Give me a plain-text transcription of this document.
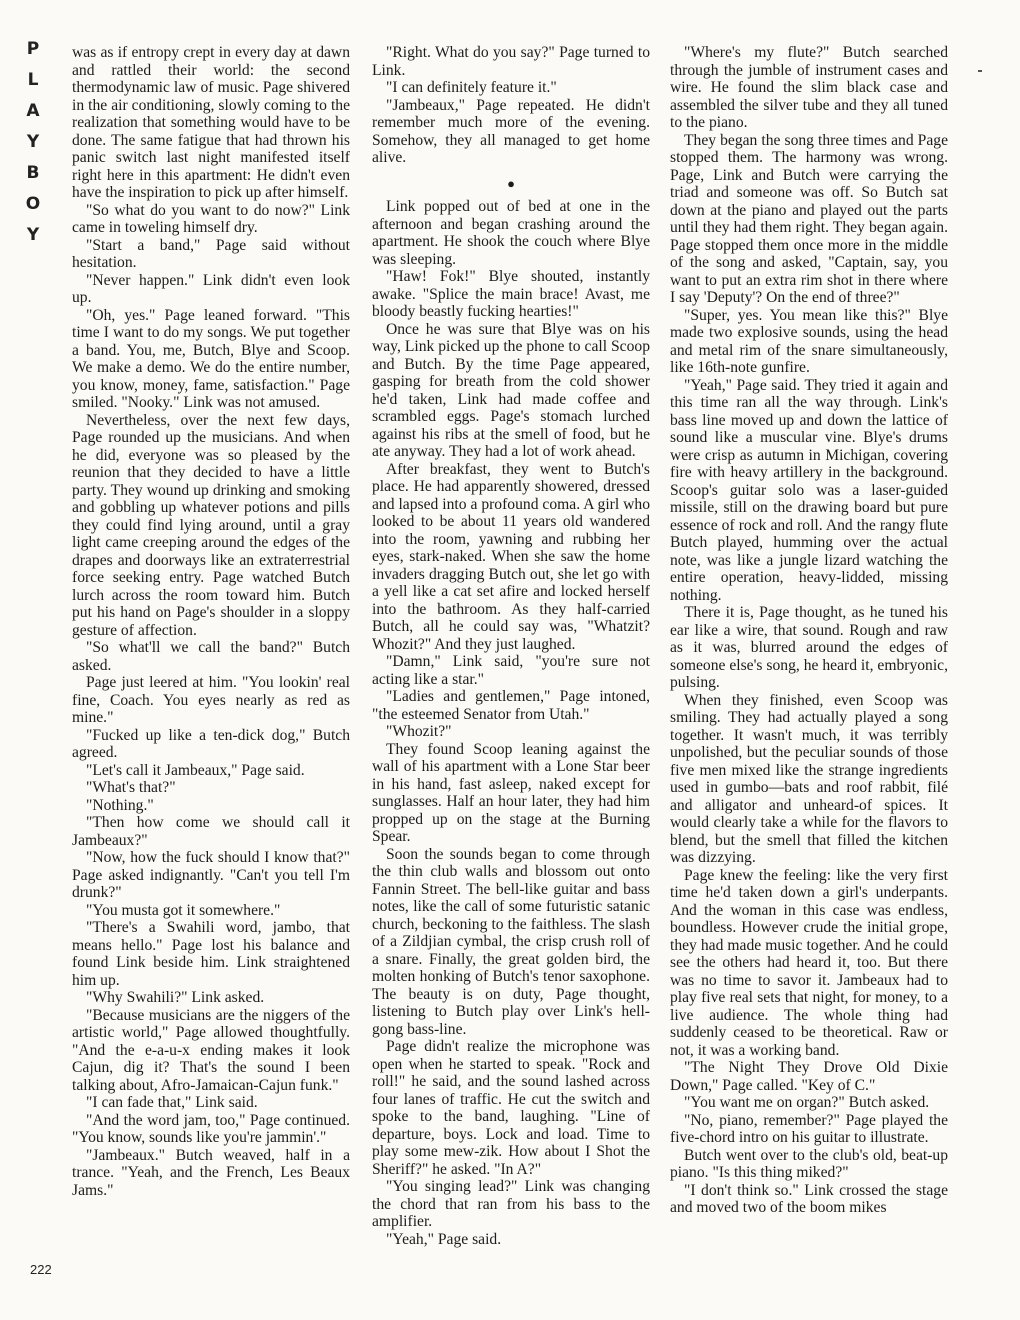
P
L
A
Y
B
O
Y

was as if entropy crept in every day at dawn and rattled their world: the second thermodynamic law of music. Page shivered in the air conditioning, slowly coming to the realization that something would have to be done. The same fatigue that had thrown his panic switch last night manifested itself right here in this apartment: He didn't even have the inspiration to pick up after himself.

"So what do you want to do now?" Link came in toweling himself dry.

"Start a band," Page said without hesitation.

"Never happen." Link didn't even look up.

"Oh, yes." Page leaned forward. "This time I want to do my songs. We put together a band. You, me, Butch, Blye and Scoop. We make a demo. We do the entire number, you know, money, fame, satisfaction." Page smiled. "Nooky." Link was not amused.

Nevertheless, over the next few days, Page rounded up the musicians. And when he did, everyone was so pleased by the reunion that they decided to have a little party. They wound up drinking and smoking and gobbling up whatever potions and pills they could find lying around, until a gray light came creeping around the edges of the drapes and doorways like an extraterrestrial force seeking entry. Page watched Butch lurch across the room toward him. Butch put his hand on Page's shoulder in a sloppy gesture of affection.

"So what'll we call the band?" Butch asked.

Page just leered at him. "You lookin' real fine, Coach. You eyes nearly as red as mine."

"Fucked up like a ten-dick dog," Butch agreed.

"Let's call it Jambeaux," Page said.

"What's that?"

"Nothing."

"Then how come we should call it Jambeaux?"

"Now, how the fuck should I know that?" Page asked indignantly. "Can't you tell I'm drunk?"

"You musta got it somewhere."

"There's a Swahili word, jambo, that means hello." Page lost his balance and found Link beside him. Link straightened him up.

"Why Swahili?" Link asked.

"Because musicians are the niggers of the artistic world," Page allowed thoughtfully. "And the e-a-u-x ending makes it look Cajun, dig it? That's the sound I been talking about, Afro-Jamaican-Cajun funk."

"I can fade that," Link said.

"And the word jam, too," Page continued. "You know, sounds like you're jammin'."

"Jambeaux." Butch weaved, half in a trance. "Yeah, and the French, Les Beaux Jams."

"Right. What do you say?" Page turned to Link.

"I can definitely feature it."

"Jambeaux," Page repeated. He didn't remember much more of the evening. Somehow, they all managed to get home alive.

●

Link popped out of bed at one in the afternoon and began crashing around the apartment. He shook the couch where Blye was sleeping.

"Haw! Fok!" Blye shouted, instantly awake. "Splice the main brace! Avast, me bloody beastly fucking hearties!"

Once he was sure that Blye was on his way, Link picked up the phone to call Scoop and Butch. By the time Page appeared, gasping for breath from the cold shower he'd taken, Link had made coffee and scrambled eggs. Page's stomach lurched against his ribs at the smell of food, but he ate anyway. They had a lot of work ahead.

After breakfast, they went to Butch's place. He had apparently showered, dressed and lapsed into a profound coma. A girl who looked to be about 11 years old wandered into the room, yawning and rubbing her eyes, stark-naked. When she saw the home invaders dragging Butch out, she let go with a yell like a cat set afire and locked herself into the bathroom. As they half-carried Butch, all he could say was, "Whatzit? Whozit?" And they just laughed.

"Damn," Link said, "you're sure not acting like a star."

"Ladies and gentlemen," Page intoned, "the esteemed Senator from Utah."

"Whozit?"

They found Scoop leaning against the wall of his apartment with a Lone Star beer in his hand, fast asleep, naked except for sunglasses. Half an hour later, they had him propped up on the stage at the Burning Spear.

Soon the sounds began to come through the thin club walls and blossom out onto Fannin Street. The bell-like guitar and bass notes, like the call of some futuristic satanic church, beckoning to the faithless. The slash of a Zildjian cymbal, the crisp crush roll of a snare. Finally, the great golden bird, the molten honking of Butch's tenor saxophone. The beauty is on duty, Page thought, listening to Butch play over Link's hell-gong bass-line.

Page didn't realize the microphone was open when he started to speak. "Rock and roll!" he said, and the sound lashed across four lanes of traffic. He cut the switch and spoke to the band, laughing. "Line of departure, boys. Lock and load. Time to play some mew-zik. How about I Shot the Sheriff?" he asked. "In A?"

"You singing lead?" Link was changing the chord that ran from his bass to the amplifier.

"Yeah," Page said.

"Where's my flute?" Butch searched through the jumble of instrument cases and wire. He found the slim black case and assembled the silver tube and they all tuned to the piano.

They began the song three times and Page stopped them. The harmony was wrong. Page, Link and Butch were carrying the triad and someone was off. So Butch sat down at the piano and played out the parts until they had them right. They began again. Page stopped them once more in the middle of the song and asked, "Captain, say, you want to put an extra rim shot in there where I say 'Deputy'? On the end of three?"

"Super, yes. You mean like this?" Blye made two explosive sounds, using the head and metal rim of the snare simultaneously, like 16th-note gunfire.

"Yeah," Page said. They tried it again and this time ran all the way through. Link's bass line moved up and down the lattice of sound like a muscular vine. Blye's drums were crisp as autumn in Michigan, covering fire with heavy artillery in the background. Scoop's guitar solo was a laser-guided missile, still on the drawing board but pure essence of rock and roll. And the rangy flute Butch played, humming over the actual note, was like a jungle lizard watching the entire operation, heavy-lidded, missing nothing.

There it is, Page thought, as he tuned his ear like a wire, that sound. Rough and raw as it was, blurred around the edges of someone else's song, he heard it, embryonic, pulsing.

When they finished, even Scoop was smiling. They had actually played a song together. It wasn't much, it was terribly unpolished, but the peculiar sounds of those five men mixed like the strange ingredients used in gumbo—bats and roof rabbit, filé and alligator and unheard-of spices. It would clearly take a while for the flavors to blend, but the smell that filled the kitchen was dizzying.

Page knew the feeling: like the very first time he'd taken down a girl's underpants. And the woman in this case was endless, boundless. However crude the initial grope, they had made music together. And he could see the others had heard it, too. But there was no time to savor it. Jambeaux had to play five real sets that night, for money, to a live audience. The whole thing had suddenly ceased to be theoretical. Raw or not, it was a working band.

"The Night They Drove Old Dixie Down," Page called. "Key of C."

"You want me on organ?" Butch asked.

"No, piano, remember?" Page played the five-chord intro on his guitar to illustrate.

Butch went over to the club's old, beat-up piano. "Is this thing miked?"

"I don't think so." Link crossed the stage and moved two of the boom mikes

222
